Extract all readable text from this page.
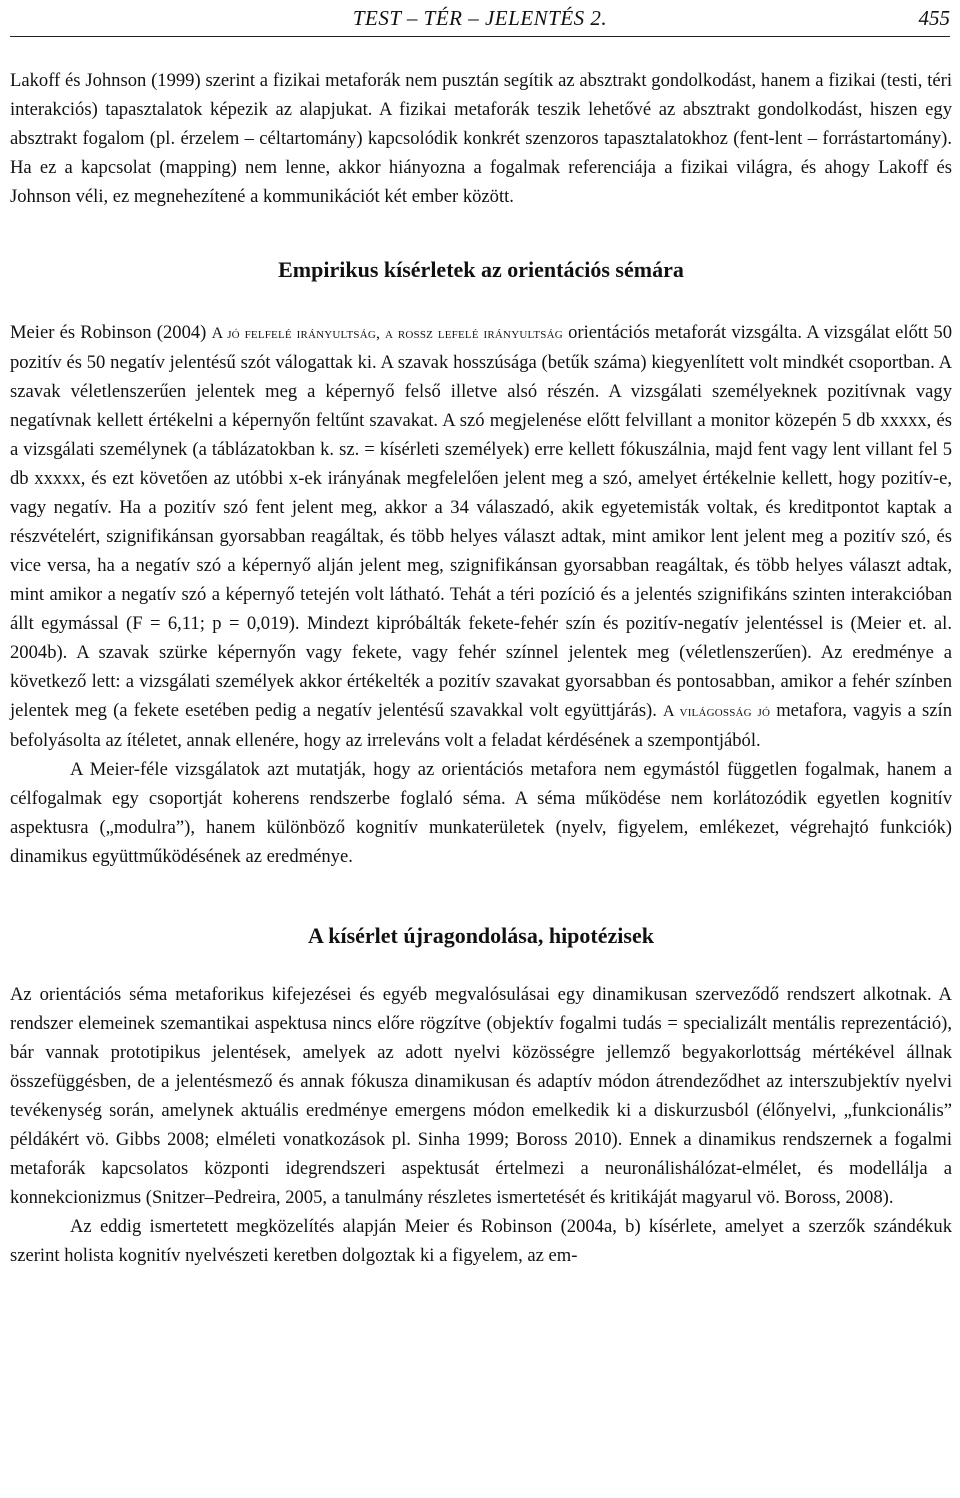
TEST – TÉR – JELENTÉS 2.	455

Lakoff és Johnson (1999) szerint a fizikai metaforák nem pusztán segítik az absztrakt gondolkodást, hanem a fizikai (testi, téri interakciós) tapasztalatok képezik az alapjukat. A fizikai metaforák teszik lehetővé az absztrakt gondolkodást, hiszen egy absztrakt fogalom (pl. érzelem – céltartomány) kapcsolódik konkrét szenzoros tapasztalatokhoz (fent-lent – forrástartomány). Ha ez a kapcsolat (mapping) nem lenne, akkor hiányozna a fogalmak referenciája a fizikai világra, és ahogy Lakoff és Johnson véli, ez megnehezítené a kommunikációt két ember között.

Empirikus kísérletek az orientációs sémára

Meier és Robinson (2004) A jó felfelé irányultság, a rossz lefelé irányultság orientációs metaforát vizsgálta. A vizsgálat előtt 50 pozitív és 50 negatív jelentésű szót válogattak ki. A szavak hosszúsága (betűk száma) kiegyenlített volt mindkét csoportban. A szavak véletlenszerűen jelentek meg a képernyő felső illetve alsó részén. A vizsgálati személyeknek pozitívnak vagy negatívnak kellett értékelni a képernyőn feltűnt szavakat. A szó megjelenése előtt felvillant a monitor közepén 5 db xxxxx, és a vizsgálati személynek (a táblázatokban k. sz. = kísérleti személyek) erre kellett fókuszálnia, majd fent vagy lent villant fel 5 db xxxxx, és ezt követően az utóbbi x-ek irányának megfelelően jelent meg a szó, amelyet értékelnie kellett, hogy pozitív-e, vagy negatív. Ha a pozitív szó fent jelent meg, akkor a 34 válaszadó, akik egyetemisták voltak, és kreditpontot kaptak a részvételért, szignifikánsan gyorsabban reagáltak, és több helyes választ adtak, mint amikor lent jelent meg a pozitív szó, és vice versa, ha a negatív szó a képernyő alján jelent meg, szignifikánsan gyorsabban reagáltak, és több helyes választ adtak, mint amikor a negatív szó a képernyő tetején volt látható. Tehát a téri pozíció és a jelentés szignifikáns szinten interakcióban állt egymással (F = 6,11; p = 0,019). Mindezt kipróbálták fekete-fehér szín és pozitív-negatív jelentéssel is (Meier et. al. 2004b). A szavak szürke képernyőn vagy fekete, vagy fehér színnel jelentek meg (véletlenszerűen). Az eredménye a következő lett: a vizsgálati személyek akkor értékelték a pozitív szavakat gyorsabban és pontosabban, amikor a fehér színben jelentek meg (a fekete esetében pedig a negatív jelentésű szavakkal volt együttjárás). A világosság jó metafora, vagyis a szín befolyásolta az ítéletet, annak ellenére, hogy az irreleváns volt a feladat kérdésének a szempontjából.

A Meier-féle vizsgálatok azt mutatják, hogy az orientációs metafora nem egymástól független fogalmak, hanem a célfogalmak egy csoportját koherens rendszerbe foglaló séma. A séma működése nem korlátozódik egyetlen kognitív aspektusra („modulra”), hanem különböző kognitív munkaterületek (nyelv, figyelem, emlékezet, végrehajtó funkciók) dinamikus együttműködésének az eredménye.

A kísérlet újragondolása, hipotézisek

Az orientációs séma metaforikus kifejezései és egyéb megvalósulásai egy dinamikusan szerveződő rendszert alkotnak. A rendszer elemeinek szemantikai aspektusa nincs előre rögzítve (objektív fogalmi tudás = specializált mentális reprezentáció), bár vannak prototipikus jelentések, amelyek az adott nyelvi közösségre jellemző begyakorlottság mértékével állnak összefüggésben, de a jelentésmező és annak fókusza dinamikusan és adaptív módon átrendeződhet az interszubjektív nyelvi tevékenység során, amelynek aktuális eredménye emergens módon emelkedik ki a diskurzusból (élőnyelvi, „funkcionális” példákért vö. Gibbs 2008; elméleti vonatkozások pl. Sinha 1999; Boross 2010). Ennek a dinamikus rendszernek a fogalmi metaforák kapcsolatos központi idegrendszeri aspektusát értelmezi a neuronálishálózat-elmélet, és modellálja a konnekcionizmus (Snitzer–Pedreira, 2005, a tanulmány részletes ismertetését és kritikáját magyarul vö. Boross, 2008).

Az eddig ismertetett megközelítés alapján Meier és Robinson (2004a, b) kísérlete, amelyet a szerzők szándékuk szerint holista kognitív nyelvészeti keretben dolgoztak ki a figyelem, az em-
